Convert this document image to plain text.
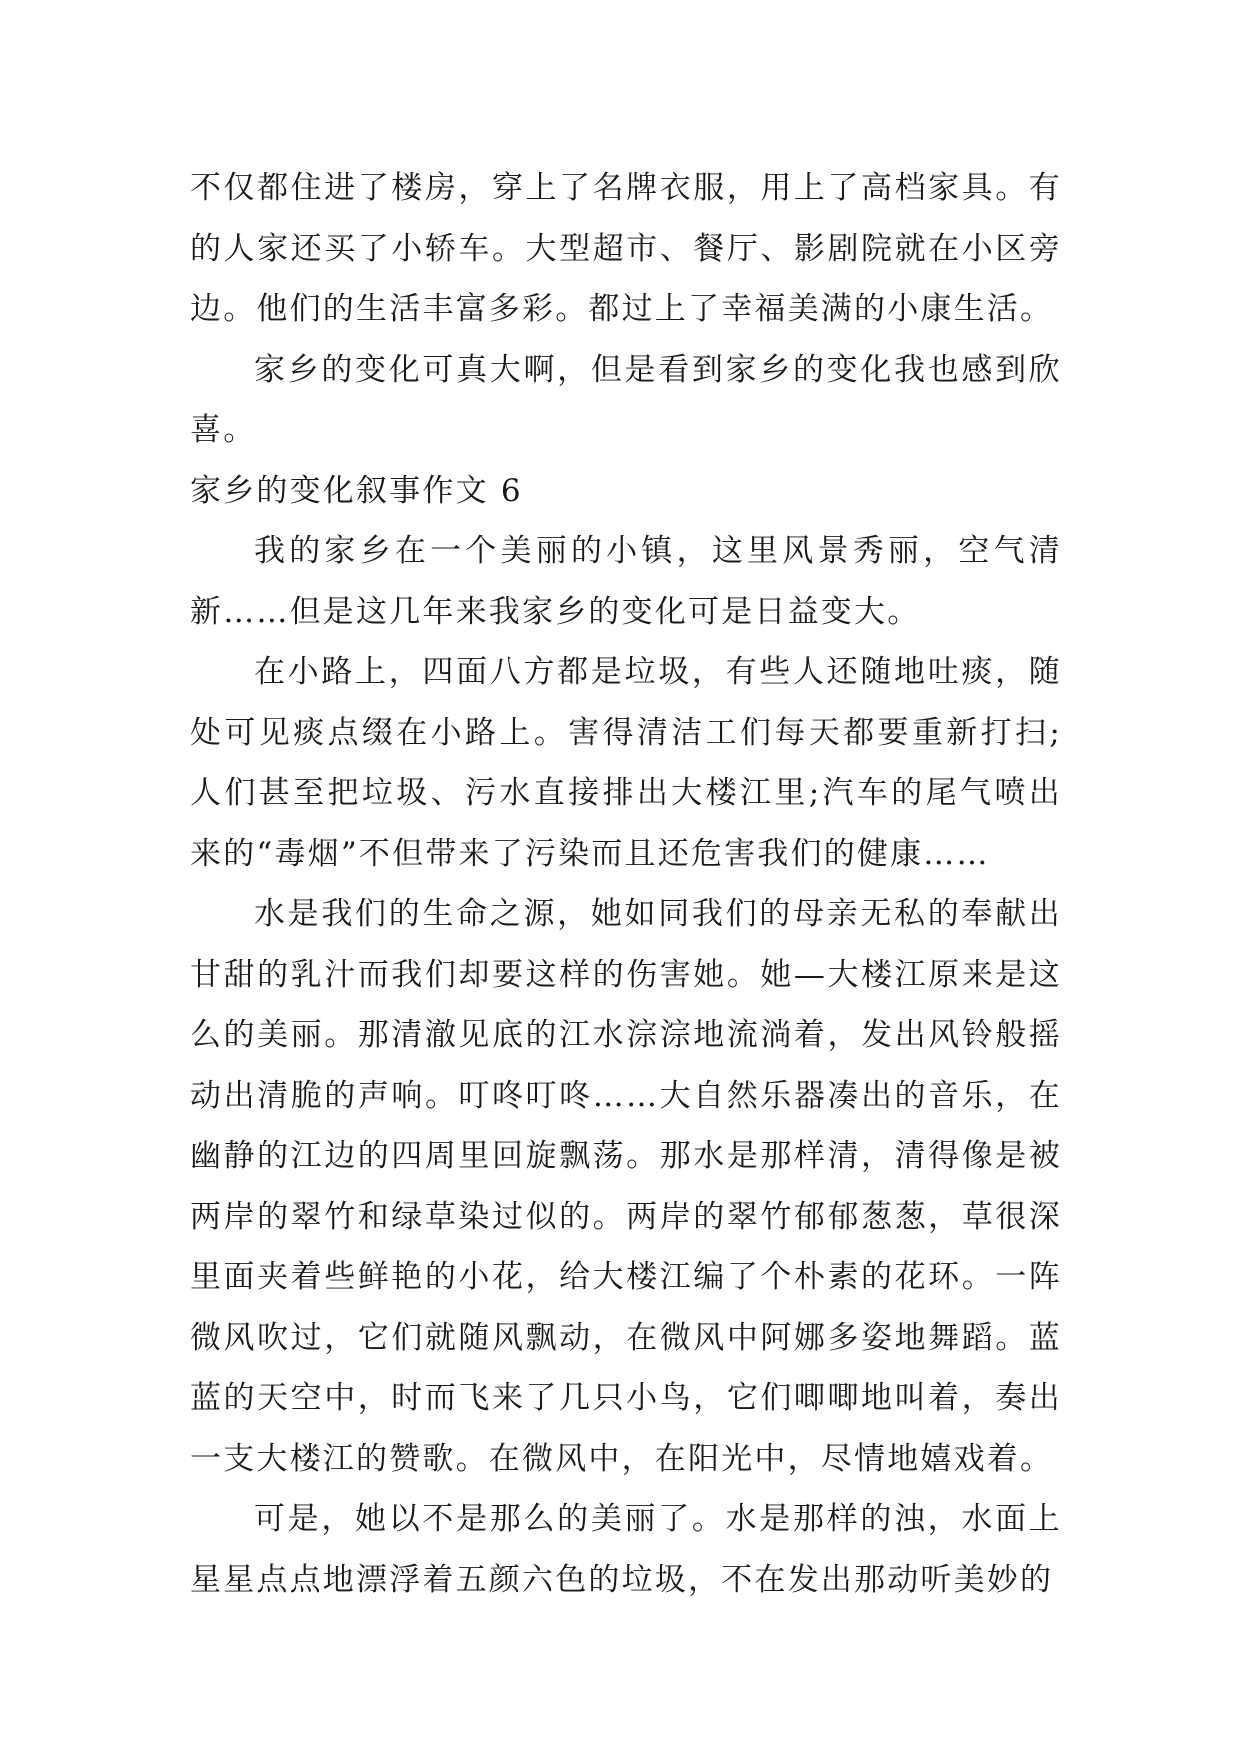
不仅都住进了楼房，穿上了名牌衣服，用上了高档家具。有的人家还买了小轿车。大型超市、餐厅、影剧院就在小区旁边。他们的生活丰富多彩。都过上了幸福美满的小康生活。

家乡的变化可真大啊，但是看到家乡的变化我也感到欣喜。

家乡的变化叙事作文 6

我的家乡在一个美丽的小镇，这里风景秀丽，空气清新……但是这几年来我家乡的变化可是日益变大。

在小路上，四面八方都是垃圾，有些人还随地吐痰，随处可见痰点缀在小路上。害得清洁工们每天都要重新打扫;人们甚至把垃圾、污水直接排出大楼江里;汽车的尾气喷出来的“毒烟”不但带来了污染而且还危害我们的健康……

水是我们的生命之源，她如同我们的母亲无私的奉献出甘甜的乳汁而我们却要这样的伤害她。她—大楼江原来是这么的美丽。那清澈见底的江水淙淙地流淌着，发出风铃般摇动出清脆的声响。叮咚叮咚……大自然乐器凑出的音乐，在幽静的江边的四周里回旋飘荡。那水是那样清，清得像是被两岸的翠竹和绿草染过似的。两岸的翠竹郁郁葱葱，草很深里面夹着些鲜艳的小花，给大楼江编了个朴素的花环。一阵微风吹过，它们就随风飘动，在微风中阿娜多姿地舞蹈。蓝蓝的天空中，时而飞来了几只小鸟，它们唧唧地叫着，奏出一支大楼江的赞歌。在微风中，在阳光中，尽情地嬉戏着。

可是，她以不是那么的美丽了。水是那样的浊，水面上星星点点地漂浮着五颜六色的垃圾，不在发出那动听美妙的
